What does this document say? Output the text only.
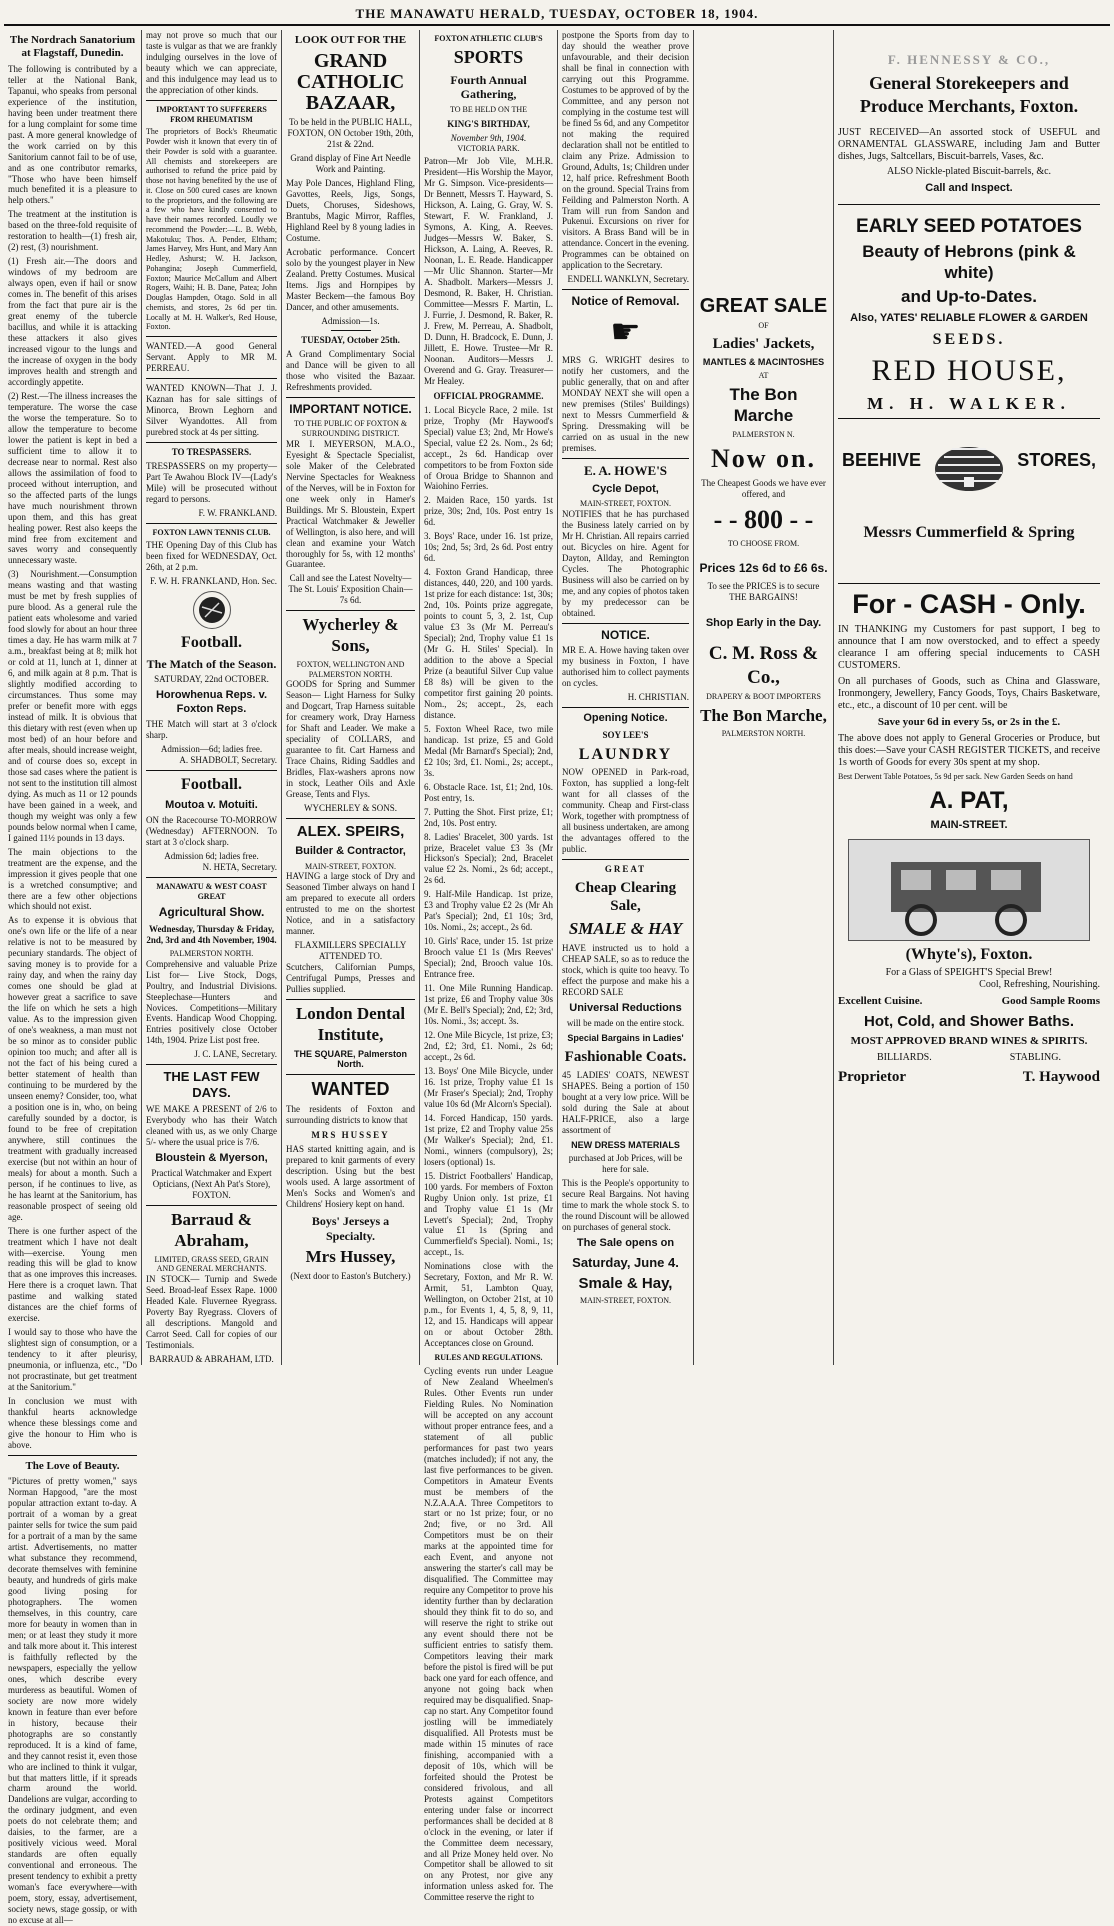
THE MANAWATU HERALD, TUESDAY, OCTOBER 18, 1904.
The Nordrach Sanatorium at Flagstaff, Dunedin.

The following is contributed by a teller at the National Bank, Tapanui, who speaks from personal experience of the institution, having been under treatment there for a lung complaint for some time past. A more general knowledge of the work carried on by this Sanitorium cannot fail to be of use, and as one contributor remarks, "Those who have been himself much benefited it is a pleasure to help others."

The treatment at the institution is based on the three-fold requisite of restoration to health—(1) fresh air, (2) rest, (3) nourishment.

(1) Fresh air.—The doors and windows of my bedroom are always open, even if hail or snow comes in. The benefit of this arises from the fact that pure air is the great enemy of the tubercle bacillus, and while it is attacking these attackers it also gives increased vigour to the lungs and the increase of oxygen in the body improves health and strength and accordingly appetite.

(2) Rest.—The illness increases the temperature. The worse the case the worse the temperature. So to allow the temperature to become lower the patient is kept in bed a sufficient time to allow it to decrease near to normal. Rest also allows the assimilation of food to proceed without interruption, and so the affected parts of the lungs have much nourishment thrown upon them, and this has great healing power. Rest also keeps the mind free from excitement and saves worry and consequently unnecessary waste.

(3) Nourishment.—Consumption means wasting and that wasting must be met by fresh supplies of pure blood. As a general rule the patient eats wholesome and varied food slowly for about an hour three times a day. He has warm milk at 7 a.m., breakfast being at 8; milk hot or cold at 11, lunch at 1, dinner at 6, and milk again at 8 p.m. That is slightly modified according to circumstances. Thus some may prefer or benefit more with eggs instead of milk. It is obvious that this dietary with rest (even when up most bed) of an hour before and after meals, should increase weight, and of course does so, except in those sad cases where the patient is not sent to the institution till almost dying. As much as 11 or 12 pounds have been gained in a week, and though my weight was only a few pounds below normal when I came, I gained 11½ pounds in 13 days.

The main objections to the treatment are the expense, and the impression it gives people that one is a wretched consumptive; and there are a few other objections which should not exist.

As to expense it is obvious that one's own life or the life of a near relative is not to be measured by pecuniary standards. The object of saving money is to provide for a rainy day, and when the rainy day comes one should be glad at however great a sacrifice to save the life on which he sets a high value. As to the impression given of one's weakness, a man must not be so minor as to consider public opinion too much; and after all is not the fact of his being cured a better statement of health than continuing to be murdered by the unseen enemy? Consider, too, what a position one is in, who, on being carefully sounded by a doctor, is found to be free of crepitation anywhere, still continues the treatment with gradually increased exercise (but not within an hour of meals) for about a month. Such a person, if he continues to live, as he has learnt at the Sanitorium, has reasonable prospect of seeing old age.

There is one further aspect of the treatment which I have not dealt with—exercise. Young men reading this will be glad to know that as one improves this increases. Here there is a croquet lawn. That pastime and walking stated distances are the chief forms of exercise.

I would say to those who have the slightest sign of consumption, or a tendency to it after pleurisy, pneumonia, or influenza, etc., "Do not procrastinate, but get treatment at the Sanitorium."

In conclusion we must with thankful hearts acknowledge whence these blessings come and give the honour to Him who is above.

The Love of Beauty.

"Pictures of pretty women," says Norman Hapgood, "are the most popular attraction extant to-day. A portrait of a woman by a great painter sells for twice the sum paid for a portrait of a man by the same artist. Advertisements, no matter what substance they recommend, decorate themselves with feminine beauty, and hundreds of girls make good living posing for photographers. The women themselves, in this country, care more for beauty in women than in men; or at least they study it more and talk more about it. This interest is faithfully reflected by the newspapers, especially the yellow ones, which describe every murderess as beautiful. Women of society are now more widely known in feature than ever before in history, because their photographs are so constantly reproduced. It is a kind of fame, and they cannot resist it, even those who are inclined to think it vulgar, but that matters little, if it spreads charm around the world. Dandelions are vulgar, according to the ordinary judgment, and even poets do not celebrate them; and daisies, to the farmer, are a positively vicious weed. Moral standards are often equally conventional and erroneous. The present tendency to exhibit a pretty woman's face everywhere—with poem, story, essay, advertisement, society news, stage gossip, or with no excuse at all—

may not prove so much that our taste is vulgar as that we are frankly indulging ourselves in the love of beauty which we can appreciate, and this indulgence may lead us to the appreciation of other kinds.

IMPORTANT TO SUFFERERS FROM RHEUMATISM

The proprietors of Bock's Rheumatic Powder wish it known that every tin of their Powder is sold with a guarantee. All chemists and storekeepers are authorised to refund the price paid by those not having benefited by the use of it. Close on 500 cured cases are known to the proprietors, and the following are a few who have kindly consented to have their names recorded. Loudly we recommend the Powder:—L. B. Webb, Makotuku; Thos. A. Pender, Eltham; James Harvey, Mrs Hunt, and Mary Ann Hedley, Ashurst; W. H. Jackson, Pohangina; Joseph Cummerfield, Foxton; Maurice McCallum and Albert Rogers, Waihi; H. B. Dane, Patea; John Douglas Hampden, Otago. Sold in all chemists, and stores, 2s 6d per tin. Locally at M. H. Walker's, Red House, Foxton.

WANTED.—A good General Servant. Apply to MR M. PERREAU.

WANTED KNOWN—That J. J. Kaznan has for sale sittings of Minorca, Brown Leghorn and Silver Wyandottes. All from purebred stock at 4s per sitting.

TO TRESPASSERS.

TRESPASSERS on my property—Part Te Awahou Block IV—(Lady's Mile) will be prosecuted without regard to persons.

F. W. FRANKLAND.
FOXTON LAWN TENNIS CLUB.

THE Opening Day of this Club has been fixed for WEDNESDAY, Oct. 26th, at 2 p.m.

F. W. H. FRANKLAND, Hon. Sec.
Football.
The Match of the Season.
SATURDAY, 22nd OCTOBER.
Horowhenua Reps. v. Foxton Reps.

THE Match will start at 3 o'clock sharp.

Admission—6d; ladies free.
A. SHADBOLT, Secretary.
Football.
Moutoa v. Motuiti.

ON the Racecourse TO-MORROW (Wednesday) AFTERNOON. To start at 3 o'clock sharp.

Admission 6d; ladies free.
N. HETA, Secretary.
MANAWATU & WEST COAST GREAT
Agricultural Show.
Wednesday, Thursday & Friday, 2nd, 3rd and 4th November, 1904.
PALMERSTON NORTH.

Comprehensive and valuable Prize List for— Live Stock, Dogs, Poultry, and Industrial Divisions. Steeplechase—Hunters and Novices. Competitions—Military Events. Handicap Wood Chopping. Entries positively close October 14th, 1904. Prize List post free.

J. C. LANE, Secretary.
THE LAST FEW DAYS.

WE MAKE A PRESENT of 2/6 to Everybody who has their Watch cleaned with us, as we only Charge 5/- where the usual price is 7/6.

Bloustein & Myerson,
Practical Watchmaker and Expert Opticians, (Next Ah Pat's Store), FOXTON.
Barraud & Abraham,
LIMITED, GRASS SEED, GRAIN AND GENERAL MERCHANTS.

IN STOCK— Turnip and Swede Seed. Broad-leaf Essex Rape. 1000 Headed Kale. Fluvernee Ryegrass. Poverty Bay Ryegrass. Clovers of all descriptions. Mangold and Carrot Seed. Call for copies of our Testimonials.

BARRAUD & ABRAHAM, LTD.
LOOK OUT FOR THE
GRAND CATHOLIC BAZAAR,
To be held in the PUBLIC HALL, FOXTON, ON October 19th, 20th, 21st & 22nd.
Grand display of Fine Art Needle Work and Painting.

May Pole Dances, Highland Fling, Gavottes, Reels, Jigs, Songs, Duets, Choruses, Sideshows, Brantubs, Magic Mirror, Raffles, Highland Reel by 8 young ladies in Costume.

Acrobatic performance. Concert solo by the youngest player in New Zealand. Pretty Costumes. Musical Items. Jigs and Hornpipes by Master Beckem—the famous Boy Dancer, and other amusements.

Admission—1s.
TUESDAY, October 25th.

A Grand Complimentary Social and Dance will be given to all those who visited the Bazaar. Refreshments provided.

IMPORTANT NOTICE.
TO THE PUBLIC OF FOXTON & SURROUNDING DISTRICT.

MR I. MEYERSON, M.A.O., Eyesight & Spectacle Specialist, sole Maker of the Celebrated Nervine Spectacles for Weakness of the Nerves, will be in Foxton for one week only in Hamer's Buildings. Mr S. Bloustein, Expert Practical Watchmaker & Jeweller of Wellington, is also here, and will clean and examine your Watch thoroughly for 5s, with 12 months' Guarantee.

Call and see the Latest Novelty—The St. Louis' Exposition Chain—7s 6d.
Wycherley & Sons,
FOXTON, WELLINGTON AND PALMERSTON NORTH.

GOODS for Spring and Summer Season— Light Harness for Sulky and Dogcart, Trap Harness suitable for creamery work, Dray Harness for Shaft and Leader. We make a speciality of COLLARS, and guarantee to fit. Cart Harness and Trace Chains, Riding Saddles and Bridles, Flax-washers aprons now in stock, Leather Oils and Axle Grease, Tents and Flys.

WYCHERLEY & SONS.
ALEX. SPEIRS,
Builder & Contractor,
MAIN-STREET, FOXTON.

HAVING a large stock of Dry and Seasoned Timber always on hand I am prepared to execute all orders entrusted to me on the shortest Notice, and in a satisfactory manner.

FLAXMILLERS SPECIALLY ATTENDED TO.

Scutchers, Californian Pumps, Centrifugal Pumps, Presses and Pullies supplied.

London Dental Institute,
THE SQUARE, Palmerston North.
WANTED

The residents of Foxton and surrounding districts to know that

MRS HUSSEY

HAS started knitting again, and is prepared to knit garments of every description. Using but the best wools used. A large assortment of Men's Socks and Women's and Childrens' Hosiery kept on hand.

Boys' Jerseys a Specialty.
Mrs Hussey,
(Next door to Easton's Butchery.)
FOXTON ATHLETIC CLUB'S
SPORTS
Fourth Annual Gathering,
TO BE HELD ON THE
KING'S BIRTHDAY,
November 9th, 1904.
VICTORIA PARK.

Patron—Mr Job Vile, M.H.R. President—His Worship the Mayor, Mr G. Simpson. Vice-presidents—Dr Bennett, Messrs T. Hayward, S. Hickson, A. Laing, G. Gray, W. S. Stewart, F. W. Frankland, J. Symons, A. King, A. Reeves. Judges—Messrs W. Baker, S. Hickson, A. Laing, A. Reeves, R. Noonan, L. E. Reade. Handicapper—Mr Ulic Shannon. Starter—Mr A. Shadbolt. Markers—Messrs J. Desmond, R. Baker, H. Christian. Committee—Messrs F. Martin, L. J. Furrie, J. Desmond, R. Baker, R. J. Frew, M. Perreau, A. Shadbolt, D. Dunn, H. Bradcock, E. Dunn, J. Jillett, E. Howe. Trustee—Mr R. Noonan. Auditors—Messrs J. Overend and G. Gray. Treasurer—Mr Healey.

OFFICIAL PROGRAMME.

1. Local Bicycle Race, 2 mile. 1st prize, Trophy (Mr Haywood's Special) value £3; 2nd, Mr Howe's Special, value £2 2s. Nom., 2s 6d; accept., 2s 6d. Handicap over competitors to be from Foxton side of Oroua Bridge to Shannon and Waiohino Ferries.

2. Maiden Race, 150 yards. 1st prize, 30s; 2nd, 10s. Post entry 1s 6d.

3. Boys' Race, under 16. 1st prize, 10s; 2nd, 5s; 3rd, 2s 6d. Post entry 6d.

4. Foxton Grand Handicap, three distances, 440, 220, and 100 yards. 1st prize for each distance: 1st, 30s; 2nd, 10s. Points prize aggregate, points to count 5, 3, 2. 1st, Cup value £3 3s (Mr M. Perreau's Special); 2nd, Trophy value £1 1s (Mr G. H. Stiles' Special). In addition to the above a Special Prize (a beautiful Silver Cup value £8 8s) will be given to the competitor first gaining 20 points. Nom., 2s; accept., 2s, each distance.

5. Foxton Wheel Race, two mile handicap. 1st prize, £5 and Gold Medal (Mr Barnard's Special); 2nd, £2 10s; 3rd, £1. Nomi., 2s; accept., 3s.

6. Obstacle Race. 1st, £1; 2nd, 10s. Post entry, 1s.

7. Putting the Shot. First prize, £1; 2nd, 10s. Post entry.

8. Ladies' Bracelet, 300 yards. 1st prize, Bracelet value £3 3s (Mr Hickson's Special); 2nd, Bracelet value £2 2s. Nomi., 2s 6d; accept., 2s 6d.

9. Half-Mile Handicap. 1st prize, £3 and Trophy value £2 2s (Mr Ah Pat's Special); 2nd, £1 10s; 3rd, 10s. Nomi., 2s; accept., 2s 6d.

10. Girls' Race, under 15. 1st prize Brooch value £1 1s (Mrs Reeves' Special); 2nd, Brooch value 10s. Entrance free.

11. One Mile Running Handicap. 1st prize, £6 and Trophy value 30s (Mr E. Bell's Special); 2nd, £2; 3rd, 10s. Nomi., 3s; accept. 3s.

12. One Mile Bicycle, 1st prize, £3; 2nd, £2; 3rd, £1. Nomi., 2s 6d; accept., 2s 6d.

13. Boys' One Mile Bicycle, under 16. 1st prize, Trophy value £1 1s (Mr Fraser's Special); 2nd, Trophy value 10s 6d (Mr Alcorn's Special).

14. Forced Handicap, 150 yards. 1st prize, £2 and Trophy value 25s (Mr Walker's Special); 2nd, £1. Nomi., winners (compulsory), 2s; losers (optional) 1s.

15. District Footballers' Handicap, 100 yards. For members of Foxton Rugby Union only. 1st prize, £1 and Trophy value £1 1s (Mr Levett's Special); 2nd, Trophy value £1 1s (Spring and Cummerfield's Special). Nomi., 1s; accept., 1s.

Nominations close with the Secretary, Foxton, and Mr R. W. Armit, 51, Lambton Quay, Wellington, on October 21st, at 10 p.m., for Events 1, 4, 5, 8, 9, 11, 12, and 15. Handicaps will appear on or about October 28th. Acceptances close on Ground.

RULES AND REGULATIONS.

Cycling events run under League of New Zealand Wheelmen's Rules. Other Events run under Fielding Rules. No Nomination will be accepted on any account without proper entrance fees, and a statement of all public performances for past two years (matches included); if not any, the last five performances to be given. Competitors in Amateur Events must be members of the N.Z.A.A.A. Three Competitors to start or no 1st prize; four, or no 2nd; five, or no 3rd. All Competitors must be on their marks at the appointed time for each Event, and anyone not answering the starter's call may be disqualified. The Committee may require any Competitor to prove his identity further than by declaration should they think fit to do so, and will reserve the right to strike out any event should there not be sufficient entries to satisfy them. Competitors leaving their mark before the pistol is fired will be put back one yard for each offence, and anyone not going back when required may be disqualified. Snap-cap no start. Any Competitor found jostling will be immediately disqualified. All Protests must be made within 15 minutes of race finishing, accompanied with a deposit of 10s, which will be forfeited should the Protest be considered frivolous, and all Protests against Competitors entering under false or incorrect performances shall be decided at 8 o'clock in the evening, or later if the Committee deem necessary, and all Prize Money held over. No Competitor shall be allowed to sit on any Protest, nor give any information unless asked for. The Committee reserve the right to

postpone the Sports from day to day should the weather prove unfavourable, and their decision shall be final in connection with carrying out this Programme. Costumes to be approved of by the Committee, and any person not complying in the costume test will be fined 5s 6d, and any Competitor not making the required declaration shall not be entitled to claim any Prize. Admission to Ground, Adults, 1s; Children under 12, half price. Refreshment Booth on the ground. Special Trains from Feilding and Palmerston North. A Tram will run from Sandon and Pukenui. Excursions on river for visitors. A Brass Band will be in attendance. Concert in the evening. Programmes can be obtained on application to the Secretary.

ENDELL WANKLYN, Secretary.
Notice of Removal.
☛

MRS G. WRIGHT desires to notify her customers, and the public generally, that on and after MONDAY NEXT she will open a new premises (Stiles' Buildings) next to Messrs Cummerfield & Spring. Dressmaking will be carried on as usual in the new premises.

E. A. HOWE'S
Cycle Depot,
MAIN-STREET, FOXTON.

NOTIFIES that he has purchased the Business lately carried on by Mr H. Christian. All repairs carried out. Bicycles on hire. Agent for Dayton, Allday, and Remington Cycles. The Photographic Business will also be carried on by me, and any copies of photos taken by my predecessor can be obtained.

NOTICE.

MR E. A. Howe having taken over my business in Foxton, I have authorised him to collect payments on cycles.

H. CHRISTIAN.
Opening Notice.
SOY LEE'S
LAUNDRY

NOW OPENED in Park-road, Foxton, has supplied a long-felt want for all classes of the community. Cheap and First-class Work, together with promptness of all business undertaken, are among the advantages offered to the public.

GREAT
Cheap Clearing Sale,
SMALE & HAY

HAVE instructed us to hold a CHEAP SALE, so as to reduce the stock, which is quite too heavy. To effect the purpose and make his a RECORD SALE

Universal Reductions
will be made on the entire stock.
Special Bargains in Ladies'
Fashionable Coats.

45 LADIES' COATS, NEWEST SHAPES. Being a portion of 150 bought at a very low price. Will be sold during the Sale at about HALF-PRICE, also a large assortment of

NEW DRESS MATERIALS
purchased at Job Prices, will be here for sale.

This is the People's opportunity to secure Real Bargains. Not having time to mark the whole stock S. to the round Discount will be allowed on purchases of general stock.

The Sale opens on
Saturday, June 4.
Smale & Hay,
MAIN-STREET, FOXTON.
GREAT SALE
OF
Ladies' Jackets,
MANTLES & MACINTOSHES
AT
The Bon Marche
PALMERSTON N.
Now on.
The Cheapest Goods we have ever offered, and
- - 800 - -
TO CHOOSE FROM.
Prices 12s 6d to £6 6s.
To see the PRICES is to secure THE BARGAINS!
Shop Early in the Day.
C. M. Ross & Co.,
DRAPERY & BOOT IMPORTERS
The Bon Marche,
PALMERSTON NORTH.
F. HENNESSY & CO.,
General Storekeepers and Produce Merchants, Foxton.

JUST RECEIVED—An assorted stock of USEFUL and ORNAMENTAL GLASSWARE, including Jam and Butter dishes, Jugs, Saltcellars, Biscuit-barrels, Vases, &c.

ALSO Nickle-plated Biscuit-barrels, &c.
Call and Inspect.
EARLY SEED POTATOES
Beauty of Hebrons (pink & white)
and Up-to-Dates.
Also, YATES' RELIABLE FLOWER & GARDEN
SEEDS.
RED HOUSE,
M. H. WALKER.
BEEHIVE	STORES,
Messrs Cummerfield & Spring
For - CASH - Only.

IN THANKING my Customers for past support, I beg to announce that I am now overstocked, and to effect a speedy clearance I am offering special inducements to CASH CUSTOMERS.

On all purchases of Goods, such as China and Glassware, Ironmongery, Jewellery, Fancy Goods, Toys, Chairs Basketware, etc., etc., a discount of 10 per cent. will be

Save your 6d in every 5s, or 2s in the £.

The above does not apply to General Groceries or Produce, but this does:—Save your CASH REGISTER TICKETS, and receive 1s worth of Goods for every 30s spent at my shop.

Best Derwent Table Potatoes, 5s 9d per sack. New Garden Seeds on hand
A. PAT,
MAIN-STREET.
(Whyte's), Foxton.
For a Glass of SPEIGHT'S Special Brew!
Cool, Refreshing, Nourishing.
Excellent Cuisine.	Good Sample Rooms
Hot, Cold, and Shower Baths.
MOST APPROVED BRAND WINES & SPIRITS.
BILLIARDS.	STABLING.
Proprietor	T. Haywood
